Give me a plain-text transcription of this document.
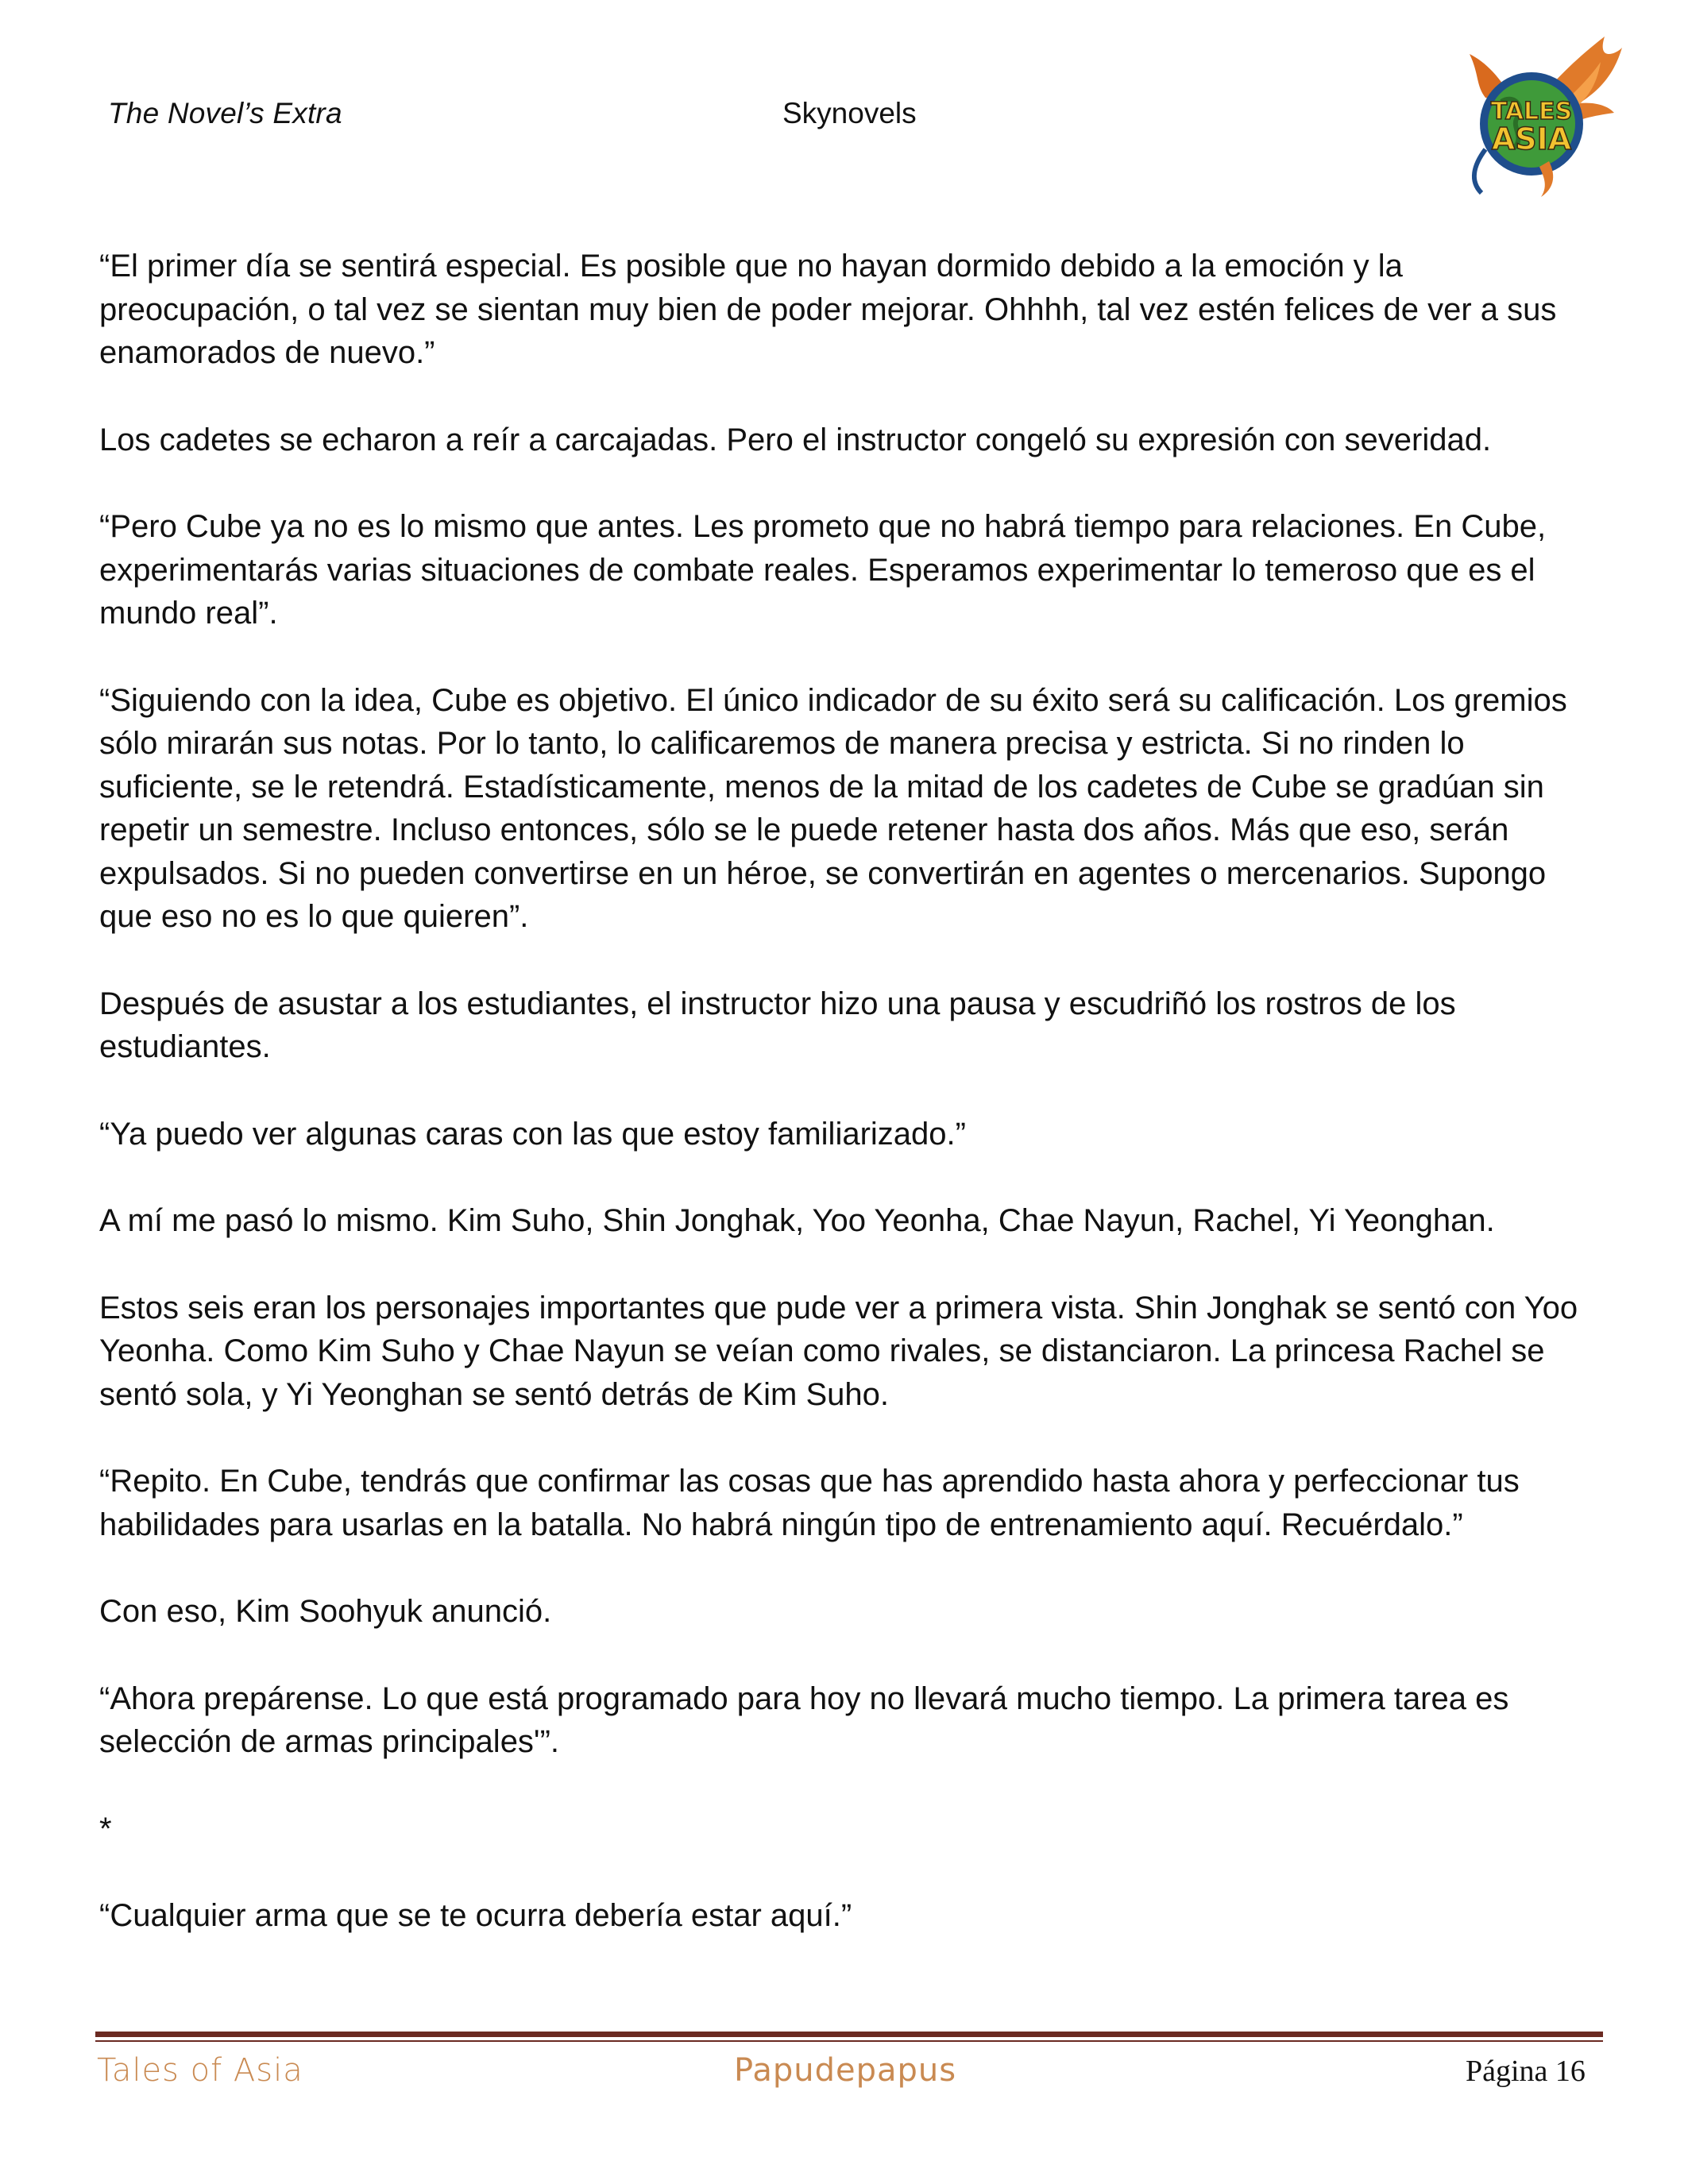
The Novel’s Extra	Skynovels	TALES
ASIA

“El primer día se sentirá especial. Es posible que no hayan dormido debido a la emoción y la preocupación, o tal vez se sientan muy bien de poder mejorar. Ohhhh, tal vez estén felices de ver a sus enamorados de nuevo.”

Los cadetes se echaron a reír a carcajadas. Pero el instructor congeló su expresión con severidad.

“Pero Cube ya no es lo mismo que antes. Les prometo que no habrá tiempo para relaciones. En Cube, experimentarás varias situaciones de combate reales. Esperamos experimentar lo temeroso que es el mundo real”.

“Siguiendo con la idea, Cube es objetivo. El único indicador de su éxito será su calificación. Los gremios sólo mirarán sus notas. Por lo tanto, lo calificaremos de manera precisa y estricta. Si no rinden lo suficiente, se le retendrá. Estadísticamente, menos de la mitad de los cadetes de Cube se gradúan sin repetir un semestre. Incluso entonces, sólo se le puede retener hasta dos años. Más que eso, serán expulsados. Si no pueden convertirse en un héroe, se convertirán en agentes o mercenarios. Supongo que eso no es lo que quieren”.

Después de asustar a los estudiantes, el instructor hizo una pausa y escudriñó los rostros de los estudiantes.

“Ya puedo ver algunas caras con las que estoy familiarizado.”

A mí me pasó lo mismo. Kim Suho, Shin Jonghak, Yoo Yeonha, Chae Nayun, Rachel, Yi Yeonghan.

Estos seis eran los personajes importantes que pude ver a primera vista. Shin Jonghak se sentó con Yoo Yeonha. Como Kim Suho y Chae Nayun se veían como rivales, se distanciaron. La princesa Rachel se sentó sola, y Yi Yeonghan se sentó detrás de Kim Suho.

“Repito. En Cube, tendrás que confirmar las cosas que has aprendido hasta ahora y perfeccionar tus habilidades para usarlas en la batalla. No habrá ningún tipo de entrenamiento aquí. Recuérdalo.”

Con eso, Kim Soohyuk anunció.

“Ahora prepárense. Lo que está programado para hoy no llevará mucho tiempo. La primera tarea es selección de armas principales'”.

*

“Cualquier arma que se te ocurra debería estar aquí.”

Tales of Asia	Papudepapus	Página 16
